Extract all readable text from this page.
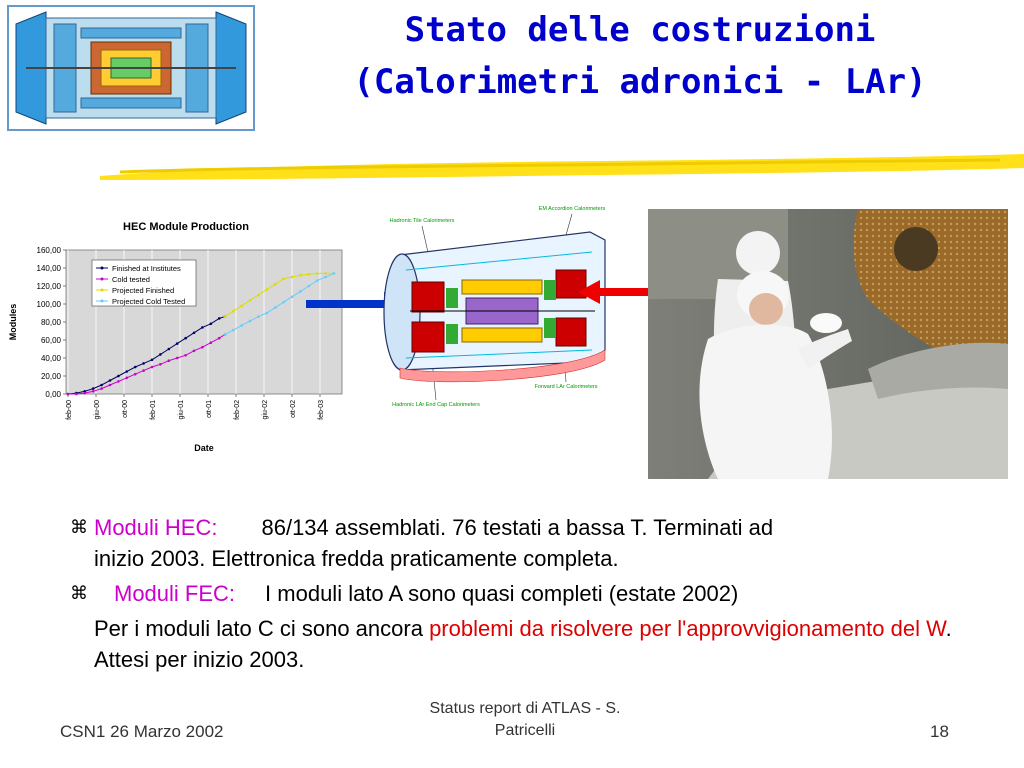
Stato delle costruzioni
(Calorimetri adronici - LAr)
HEC Module Production
0,00
20,00
40,00
60,00
80,00
100,00
120,00
140,00
160,00
feb-00	giu-00	ott-00	feb-01	giu-01	ott-01	feb-02	giu-02	ott-02	feb-03
Modules
Date
Finished at Institutes
Cold tested
Projected Finished
Projected Cold Tested
Hadronic Tile Calorimeters
EM Accordion Calorimeters
Forward LAr Calorimeters
Hadronic LAr End Cap Calorimeters

⌘ Moduli HEC: 86/134 assemblati. 76 testati a bassa T. Terminati ad
inizio 2003. Elettronica fredda praticamente completa.

⌘ Moduli FEC: I moduli lato A sono quasi completi (estate 2002)

Per i moduli lato C ci sono ancora problemi da risolvere per l'approvvigionamento del W. Attesi per inizio 2003.

CSN1 26 Marzo 2002
Status report di ATLAS - S.
Patricelli	18
